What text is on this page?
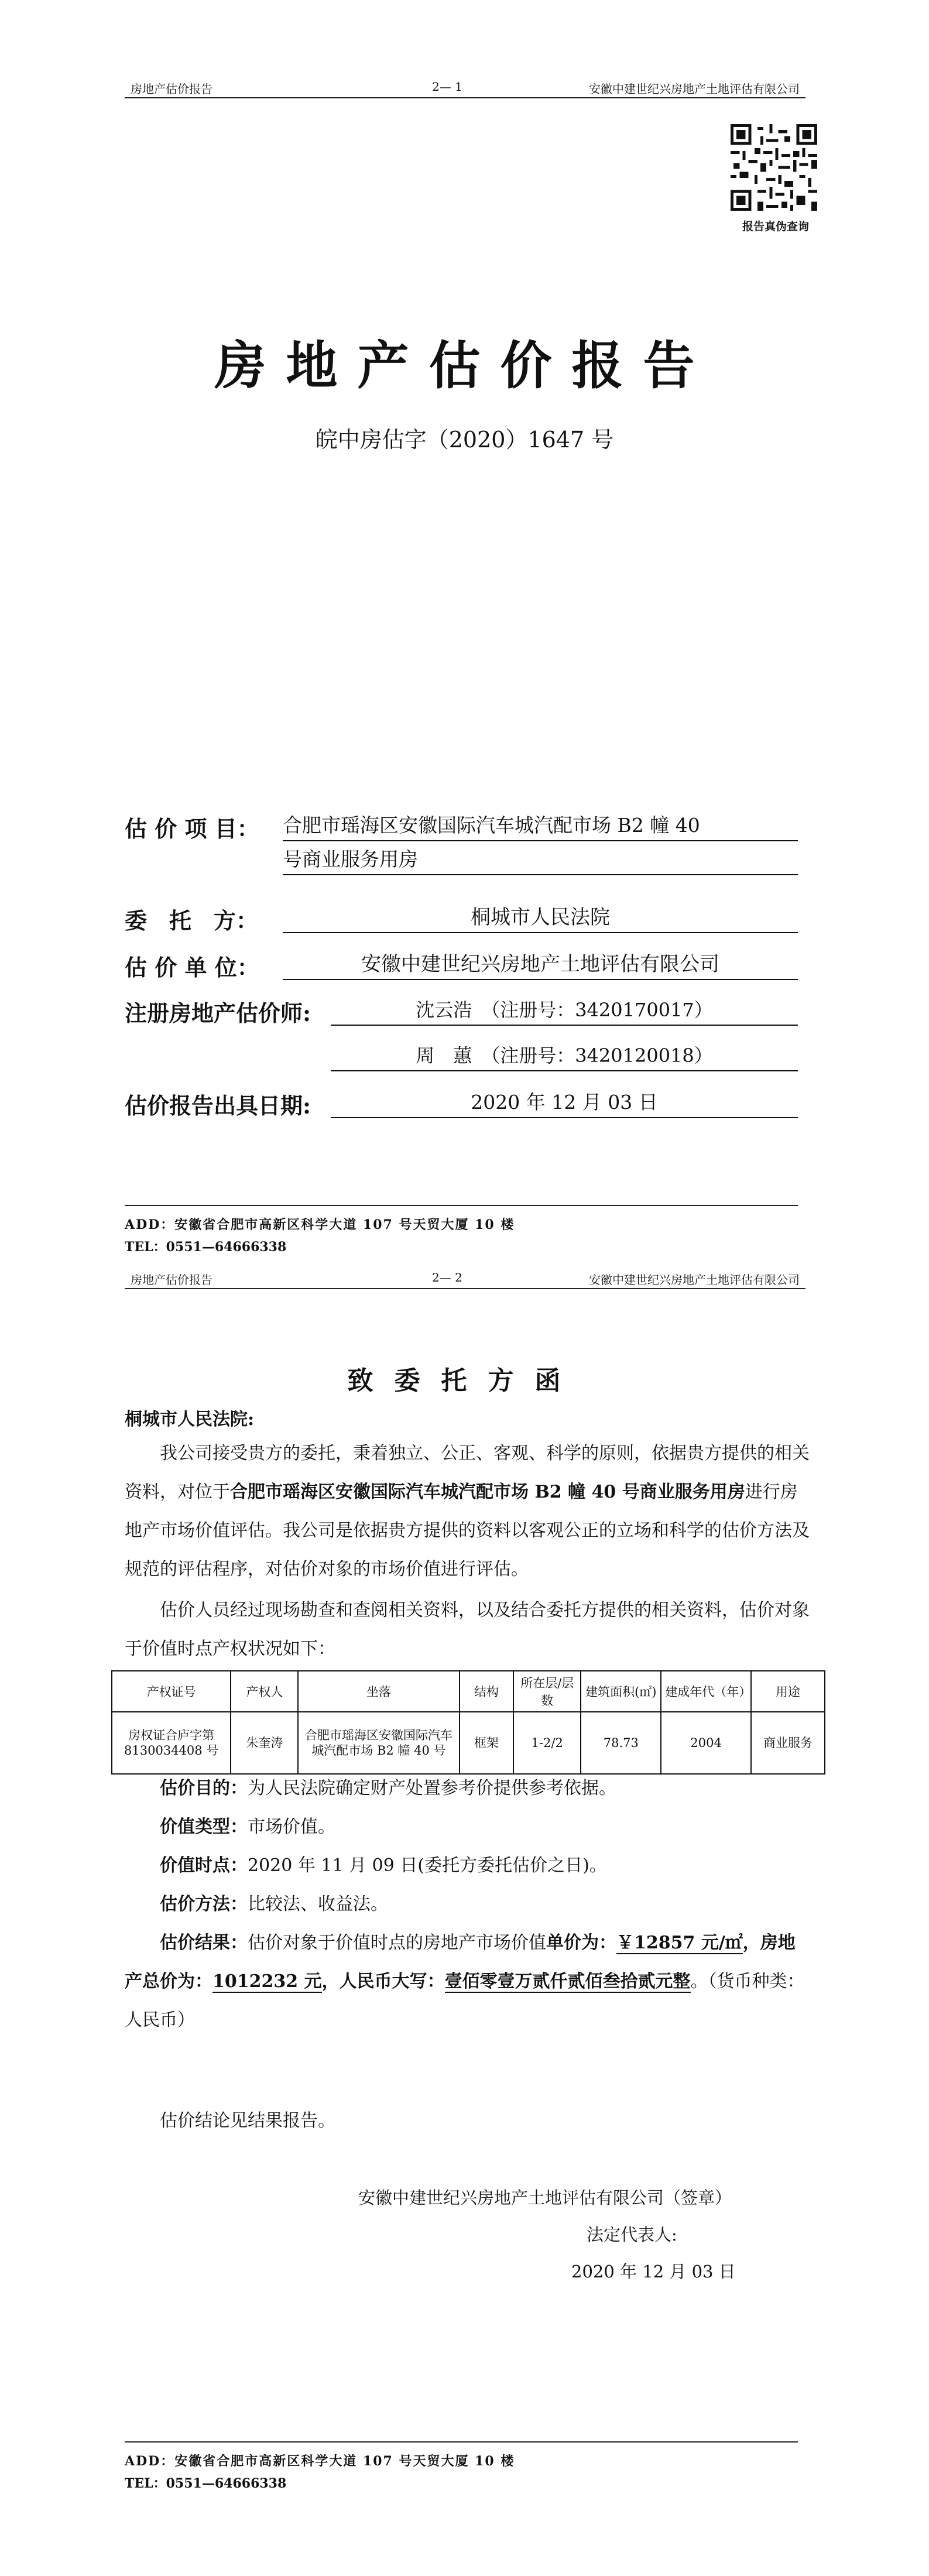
房地产估价报告	2— 1	安徽中建世纪兴房地产土地评估有限公司
报告真伪查询
房地产估价报告
皖中房估字（2020）1647 号
估 价 项 目： 合肥市瑶海区安徽国际汽车城汽配市场 B2 幢 40
号商业服务用房
委　托　方：	桐城市人民法院
估 价 单 位：	安徽中建世纪兴房地产土地评估有限公司
注册房地产估价师:	沈云浩　（注册号：3420170017）
周　蕙　（注册号：3420120018）
估价报告出具日期:	2020 年 12 月 03 日
ADD：安徽省合肥市高新区科学大道 107 号天贸大厦 10 楼
TEL：0551—64666338
房地产估价报告	2— 2	安徽中建世纪兴房地产土地评估有限公司
致委托方函
桐城市人民法院:
我公司接受贵方的委托，秉着独立、公正、客观、科学的原则，依据贵方提供的相关资料，对位于合肥市瑶海区安徽国际汽车城汽配市场 B2 幢 40 号商业服务用房进行房地产市场价值评估。我公司是依据贵方提供的资料以客观公正的立场和科学的估价方法及规范的评估程序，对估价对象的市场价值进行评估。
估价人员经过现场勘查和查阅相关资料，以及结合委托方提供的相关资料，估价对象于价值时点产权状况如下：
产权证号	产权人	坐落	结构	所在层/层数	建筑面积(㎡)	建成年代（年）	用途
房权证合庐字第8130034408 号	朱奎涛	合肥市瑶海区安徽国际汽车城汽配市场 B2 幢 40 号	框架	1-2/2	78.73	2004	商业服务
估价目的：为人民法院确定财产处置参考价提供参考依据。
价值类型：市场价值。
价值时点：2020 年 11 月 09 日(委托方委托估价之日)。
估价方法：比较法、收益法。
估价结果：估价对象于价值时点的房地产市场价值单价为：￥12857 元/㎡，房地产总价为：1012232 元，人民币大写：壹佰零壹万贰仟贰佰叁拾贰元整。（货币种类：人民币）
估价结论见结果报告。
安徽中建世纪兴房地产土地评估有限公司（签章）
法定代表人:
2020 年 12 月 03 日
ADD：安徽省合肥市高新区科学大道 107 号天贸大厦 10 楼
TEL：0551—64666338
